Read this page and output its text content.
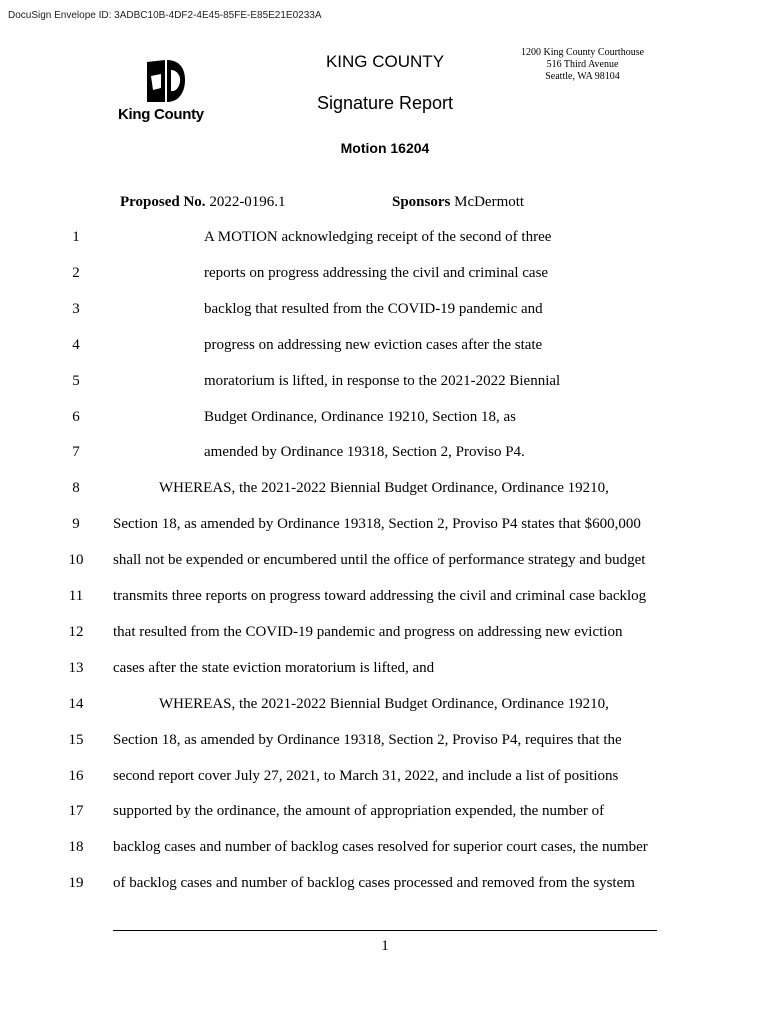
DocuSign Envelope ID: 3ADBC10B-4DF2-4E45-85FE-E85E21E0233A
King County
KING COUNTY	1200 King County Courthouse
516 Third Avenue
Seattle, WA 98104
Signature Report
Motion 16204
Proposed No. 2022-0196.1	Sponsors McDermott
1	A MOTION acknowledging receipt of the second of three
2	reports on progress addressing the civil and criminal case
3	backlog that resulted from the COVID-19 pandemic and
4	progress on addressing new eviction cases after the state
5	moratorium is lifted, in response to the 2021-2022 Biennial
6	Budget Ordinance, Ordinance 19210, Section 18, as
7	amended by Ordinance 19318, Section 2, Proviso P4.
8	WHEREAS, the 2021-2022 Biennial Budget Ordinance, Ordinance 19210,
9	Section 18, as amended by Ordinance 19318, Section 2, Proviso P4 states that $600,000
10	shall not be expended or encumbered until the office of performance strategy and budget
11	transmits three reports on progress toward addressing the civil and criminal case backlog
12	that resulted from the COVID-19 pandemic and progress on addressing new eviction
13	cases after the state eviction moratorium is lifted, and
14	WHEREAS, the 2021-2022 Biennial Budget Ordinance, Ordinance 19210,
15	Section 18, as amended by Ordinance 19318, Section 2, Proviso P4, requires that the
16	second report cover July 27, 2021, to March 31, 2022, and include a list of positions
17	supported by the ordinance, the amount of appropriation expended, the number of
18	backlog cases and number of backlog cases resolved for superior court cases, the number
19	of backlog cases and number of backlog cases processed and removed from the system
1
